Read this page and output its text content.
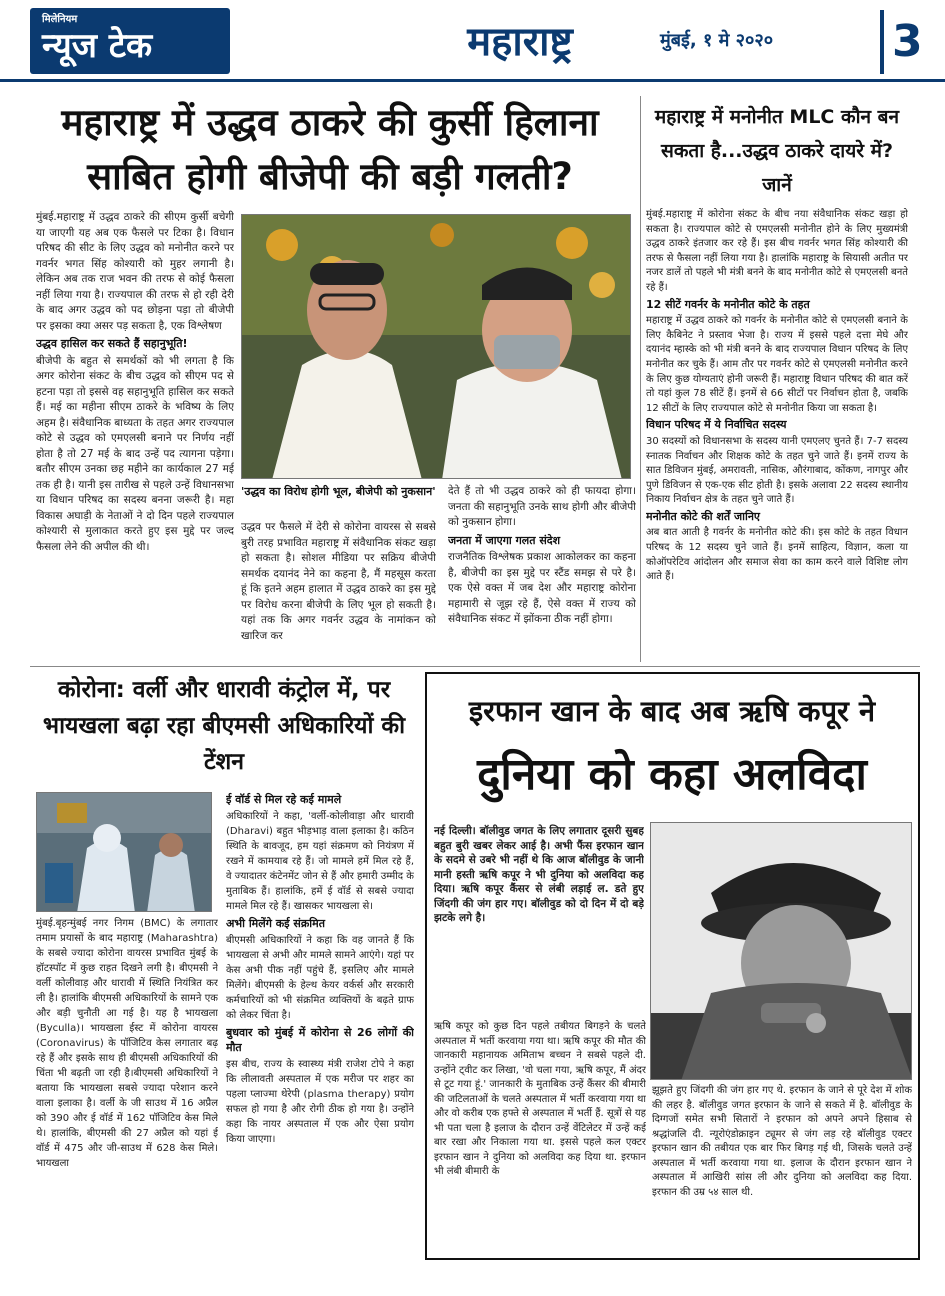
मिलेनियम
न्यूज टेक	महाराष्ट्र	मुंबई, १ मे २०२०	3
महाराष्ट्र में उद्धव ठाकरे की कुर्सी हिलाना साबित होगी बीजेपी की बड़ी गलती?

मुंबई.महाराष्ट्र में उद्धव ठाकरे की सीएम कुर्सी बचेगी या जाएगी यह अब एक फैसले पर टिका है। विधान परिषद की सीट के लिए उद्धव को मनोनीत करने पर गवर्नर भगत सिंह कोश्यारी को मुहर लगानी है। लेकिन अब तक राज भवन की तरफ से कोई फैसला नहीं लिया गया है। राज्यपाल की तरफ से हो रही देरी के बाद अगर उद्धव को पद छोड़ना पड़ा तो बीजेपी पर इसका क्या असर पड़ सकता है, एक विश्लेषण

उद्धव हासिल कर सकते हैं सहानुभूति!

बीजेपी के बहुत से समर्थकों को भी लगता है कि अगर कोरोना संकट के बीच उद्धव को सीएम पद से हटना पड़ा तो इससे वह सहानुभूति हासिल कर सकते हैं। मई का महीना सीएम ठाकरे के भविष्य के लिए अहम है। संवैधानिक बाध्यता के तहत अगर राज्यपाल कोटे से उद्धव को एमएलसी बनाने पर निर्णय नहीं होता है तो 27 मई के बाद उन्हें पद त्यागना पड़ेगा। बतौर सीएम उनका छह महीने का कार्यकाल 27 मई तक ही है। यानी इस तारीख से पहले उन्हें विधानसभा या विधान परिषद का सदस्य बनना जरूरी है। महा विकास अघाड़ी के नेताओं ने दो दिन पहले राज्यपाल कोश्यारी से मुलाकात करते हुए इस मुद्दे पर जल्द फैसला लेने की अपील की थी।

'उद्धव का विरोध होगी भूल, बीजेपी को नुकसान'

उद्धव पर फैसले में देरी से कोरोना वायरस से सबसे बुरी तरह प्रभावित महाराष्ट्र में संवैधानिक संकट खड़ा हो सकता है। सोशल मीडिया पर सक्रिय बीजेपी समर्थक दयानंद नेने का कहना है, मैं महसूस करता हूं कि इतने अहम हालात में उद्धव ठाकरे का इस मुद्दे पर विरोध करना बीजेपी के लिए भूल हो सकती है। यहां तक कि अगर गवर्नर उद्धव के नामांकन को खारिज कर

देते हैं तो भी उद्धव ठाकरे को ही फायदा होगा। जनता की सहानुभूति उनके साथ होगी और बीजेपी को नुकसान होगा।

जनता में जाएगा गलत संदेश

राजनैतिक विश्लेषक प्रकाश आकोलकर का कहना है, बीजेपी का इस मुद्दे पर स्टैंड समझ से परे है। एक ऐसे वक्त में जब देश और महाराष्ट्र कोरोना महामारी से जूझ रहे हैं, ऐसे वक्त में राज्य को संवैधानिक संकट में झोंकना ठीक नहीं होगा।

महाराष्ट्र में मनोनीत MLC कौन बन सकता है...उद्धव ठाकरे दायरे में? जानें

मुंबई.महाराष्ट्र में कोरोना संकट के बीच नया संवैधानिक संकट खड़ा हो सकता है। राज्यपाल कोटे से एमएलसी मनोनीत होने के लिए मुख्यमंत्री उद्धव ठाकरे इंतजार कर रहे हैं। इस बीच गवर्नर भगत सिंह कोश्यारी की तरफ से फैसला नहीं लिया गया है। हालांकि महाराष्ट्र के सियासी अतीत पर नजर डालें तो पहले भी मंत्री बनने के बाद मनोनीत कोटे से एमएलसी बनते रहे हैं।

12 सीटें गवर्नर के मनोनीत कोटे के तहत

महाराष्ट्र में उद्धव ठाकरे को गवर्नर के मनोनीत कोटे से एमएलसी बनाने के लिए कैबिनेट ने प्रस्ताव भेजा है। राज्य में इससे पहले दत्ता मेघे और दयानंद म्हास्के को भी मंत्री बनने के बाद राज्यपाल विधान परिषद के लिए मनोनीत कर चुके हैं। आम तौर पर गवर्नर कोटे से एमएलसी मनोनीत करने के लिए कुछ योग्यताएं होनी जरूरी हैं। महाराष्ट्र विधान परिषद की बात करें तो यहां कुल 78 सीटें हैं। इनमें से 66 सीटों पर निर्वाचन होता है, जबकि 12 सीटों के लिए राज्यपाल कोटे से मनोनीत किया जा सकता है।

विधान परिषद में ये निर्वाचित सदस्य

30 सदस्यों को विधानसभा के सदस्य यानी एमएलए चुनते हैं। 7-7 सदस्य स्नातक निर्वाचन और शिक्षक कोटे के तहत चुने जाते हैं। इनमें राज्य के सात डिविजन मुंबई, अमरावती, नासिक, औरंगाबाद, कोंकण, नागपुर और पुणे डिविजन से एक-एक सीट होती है। इसके अलावा 22 सदस्य स्थानीय निकाय निर्वाचन क्षेत्र के तहत चुने जाते हैं।

मनोनीत कोटे की शर्तें जानिए

अब बात आती है गवर्नर के मनोनीत कोटे की। इस कोटे के तहत विधान परिषद के 12 सदस्य चुने जाते हैं। इनमें साहित्य, विज्ञान, कला या कोऑपरेटिव आंदोलन और समाज सेवा का काम करने वाले विशिष्ट लोग आते हैं।

कोरोना: वर्ली और धारावी कंट्रोल में, पर भायखला बढ़ा रहा बीएमसी अधिकारियों की टेंशन

मुंबई.बृहन्मुंबई नगर निगम (BMC) के लगातार तमाम प्रयासों के बाद महाराष्ट्र (Maharashtra) के सबसे ज्यादा कोरोना वायरस प्रभावित मुंबई के हॉटस्पॉट में कुछ राहत दिखने लगी है। बीएमसी ने वर्ली कोलीवाड़ और धारावी में स्थिति नियंत्रित कर ली है। हालांकि बीएमसी अधिकारियों के सामने एक और बड़ी चुनौती आ गई है। यह है भायखला (Byculla)। भायखला ईस्ट में कोरोना वायरस (Coronavirus) के पॉजिटिव केस लगातार बढ़ रहे हैं और इसके साथ ही बीएमसी अधिकारियों की चिंता भी बढ़ती जा रही है।बीएमसी अधिकारियों ने बताया कि भायखला सबसे ज्यादा परेशान करने वाला इलाका है। वर्ली के जी साउथ में 16 अप्रैल को 390 और ई वॉर्ड में 162 पॉजिटिव केस मिले थे। हालांकि, बीएमसी की 27 अप्रैल को यहां ई वॉर्ड में 475 और जी-साउथ में 628 केस मिले।भायखला

ई वॉर्ड से मिल रहे कई मामले

अधिकारियों ने कहा, 'वर्ली-कोलीवाड़ा और धारावी (Dharavi) बहुत भीड़भाड़ वाला इलाका है। कठिन स्थिति के बावजूद, हम यहां संक्रमण को नियंत्रण में रखने में कामयाब रहे हैं। जो मामले हमें मिल रहे हैं, वे ज्यादातर कंटेनमेंट जोन से हैं और हमारी उम्मीद के मुताबिक हैं। हालांकि, हमें ई वॉर्ड से सबसे ज्यादा मामले मिल रहे हैं। खासकर भायखला से।

अभी मिलेंगे कई संक्रमित

बीएमसी अधिकारियों ने कहा कि वह जानते हैं कि भायखला से अभी और मामले सामने आएंगे। यहां पर केस अभी पीक नहीं पहुंचे हैं, इसलिए और मामले मिलेंगे। बीएमसी के हेल्थ केयर वर्कर्स और सरकारी कर्मचारियों को भी संक्रमित व्यक्तियों के बढ़ते ग्राफ को लेकर चिंता है।

बुधवार को मुंबई में कोरोना से 26 लोगों की मौत

इस बीच, राज्य के स्वास्थ्य मंत्री राजेश टोपे ने कहा कि लीलावती अस्पताल में एक मरीज पर शहर का पहला प्लाज्मा थेरेपी (plasma therapy) प्रयोग सफल हो गया है और रोगी ठीक हो गया है। उन्होंने कहा कि नायर अस्पताल में एक और ऐसा प्रयोग किया जाएगा।

इरफान खान के बाद अब ऋषि कपूर ने
दुनिया को कहा अलविदा

नई दिल्ली। बॉलीवुड जगत के लिए लगातार दूसरी सुबह बहुत बुरी खबर लेकर आई है। अभी फैंस इरफान खान के सदमे से उबरे भी नहीं थे कि आज बॉलीवुड के जानी मानी हस्ती ऋषि कपूर ने भी दुनिया को अलविदा कह दिया। ऋषि कपूर कैंसर से लंबी लड़ाई ल. डते हुए जिंदगी की जंग हार गए। बॉलीवुड को दो दिन में दो बड़े झटके लगे है।

ऋषि कपूर को कुछ दिन पहले तबीयत बिगड़ने के चलते अस्पताल में भर्ती करवाया गया था। ऋषि कपूर की मौत की जानकारी महानायक अमिताभ बच्चन ने सबसे पहले दी. उन्होंने ट्वीट कर लिखा, 'वो चला गया, ऋषि कपूर, मैं अंदर से टूट गया हूं.' जानकारी के मुताबिक उन्हें कैंसर की बीमारी की जटिलताओं के चलते अस्पताल में भर्ती करवाया गया था और वो करीब एक हफ्ते से अस्पताल में भर्ती हैं. सूत्रों से यह भी पता चला है इलाज के दौरान उन्हें वेंटिलेटर में उन्हें कई बार रखा और निकाला गया था. इससे पहले कल एक्टर इरफान खान ने दुनिया को अलविदा कह दिया था. इरफान भी लंबी बीमारी के

झूझते हुए जिंदगी की जंग हार गए थे. इरफान के जाने से पूरे देश में शोक की लहर है. बॉलीवुड जगत इरफान के जाने से सकते में है. बॉलीवुड के दिग्गजों समेत सभी सितारों ने इरफान को अपने अपने हिसाब से श्रद्धांजलि दी. न्यूरोएंडोक्राइन ट्यूमर से जंग लड़ रहे बॉलीवुड एक्टर इरफान खान की तबीयत एक बार फिर बिगड़ गई थी, जिसके चलते उन्हें अस्पताल में भर्ती करवाया गया था. इलाज के दौरान इरफान खान ने अस्पताल में आखिरी सांस ली और दुनिया को अलविदा कह दिया. इरफान की उम्र ५४ साल थी.
